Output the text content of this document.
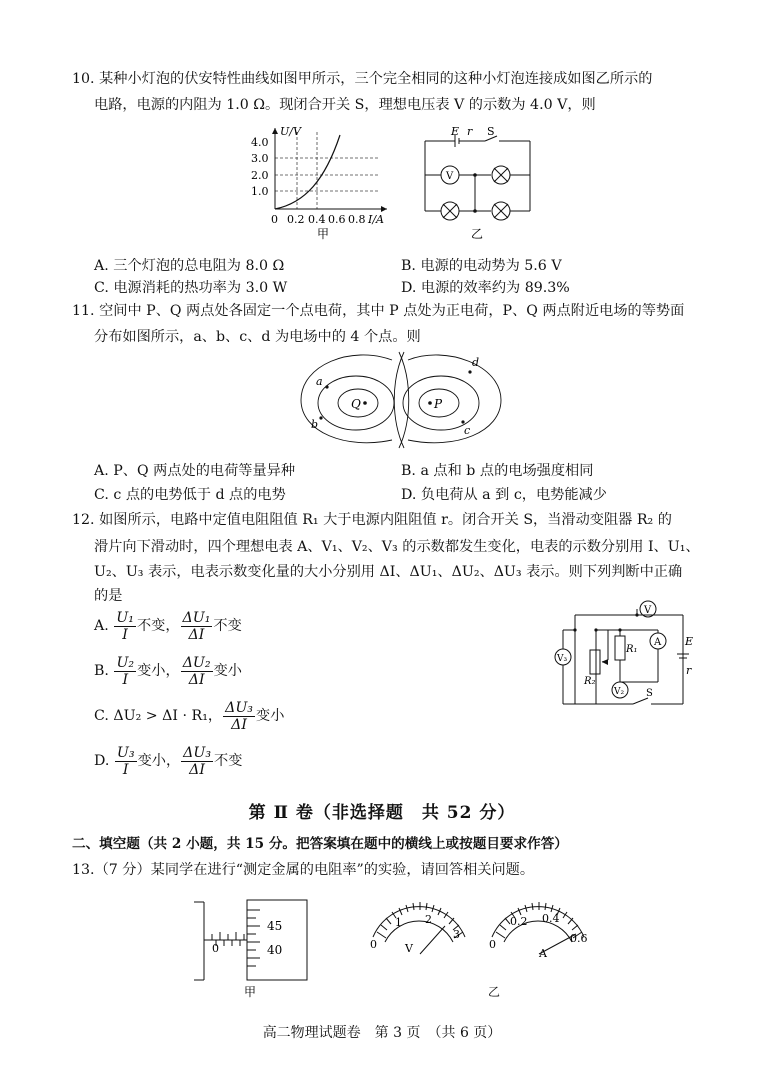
10. 某种小灯泡的伏安特性曲线如图甲所示，三个完全相同的这种小灯泡连接成如图乙所示的
电路，电源的内阻为 1.0 Ω。现闭合开关 S，理想电压表 V 的示数为 4.0 V，则
U/V
1.0
2.0
3.0
4.0
0 0.2 0.4 0.6 0.8 I/A
甲
E r S
V
乙
A. 三个灯泡的总电阻为 8.0 Ω	B. 电源的电动势为 5.6 V
C. 电源消耗的热功率为 3.0 W	D. 电源的效率约为 89.3%
11. 空间中 P、Q 两点处各固定一个点电荷，其中 P 点处为正电荷，P、Q 两点附近电场的等势面
分布如图所示，a、b、c、d 为电场中的 4 个点。则
Q	P
a
b	c
d
A. P、Q 两点处的电荷等量异种	B. a 点和 b 点的电场强度相同
C. c 点的电势低于 d 点的电势	D. 负电荷从 a 到 c，电势能减少
12. 如图所示，电路中定值电阻阻值 R₁ 大于电源内阻阻值 r。闭合开关 S，当滑动变阻器 R₂ 的
滑片向下滑动时，四个理想电表 A、V₁、V₂、V₃ 的示数都发生变化，电表的示数分别用 I、U₁、
U₂、U₃ 表示，电表示数变化量的大小分别用 ΔI、ΔU₁、ΔU₂、ΔU₃ 表示。则下列判断中正确
的是
A. $\frac{\text{U₁}}{I}$ 不变， $\frac{\text{ΔU₁}}{\Delta I}$ 不变
B. $\frac{\text{U₂}}{I}$ 变小， $\frac{\text{ΔU₂}}{\Delta I}$ 变小
C. ΔU₂ > ΔI · R₁， $\frac{\text{ΔU₃}}{\Delta I}$ 变小
D. $\frac{\text{U₃}}{I}$ 变小， $\frac{\text{ΔU₃}}{\Delta I}$ 不变
V₃
A
V
V₂
R₁
R₂
E
r
S
第 Ⅱ 卷（非选择题　共 52 分）
二、填空题（共 2 小题，共 15 分。把答案填在题中的横线上或按题目要求作答）
13.（7 分）某同学在进行“测定金属的电阻率”的实验，请回答相关问题。
45
40
0
甲
0
1 2
3
V	0
0.2 0.4
0.6
A
乙
高二物理试题卷　第 3 页　（共 6 页）
